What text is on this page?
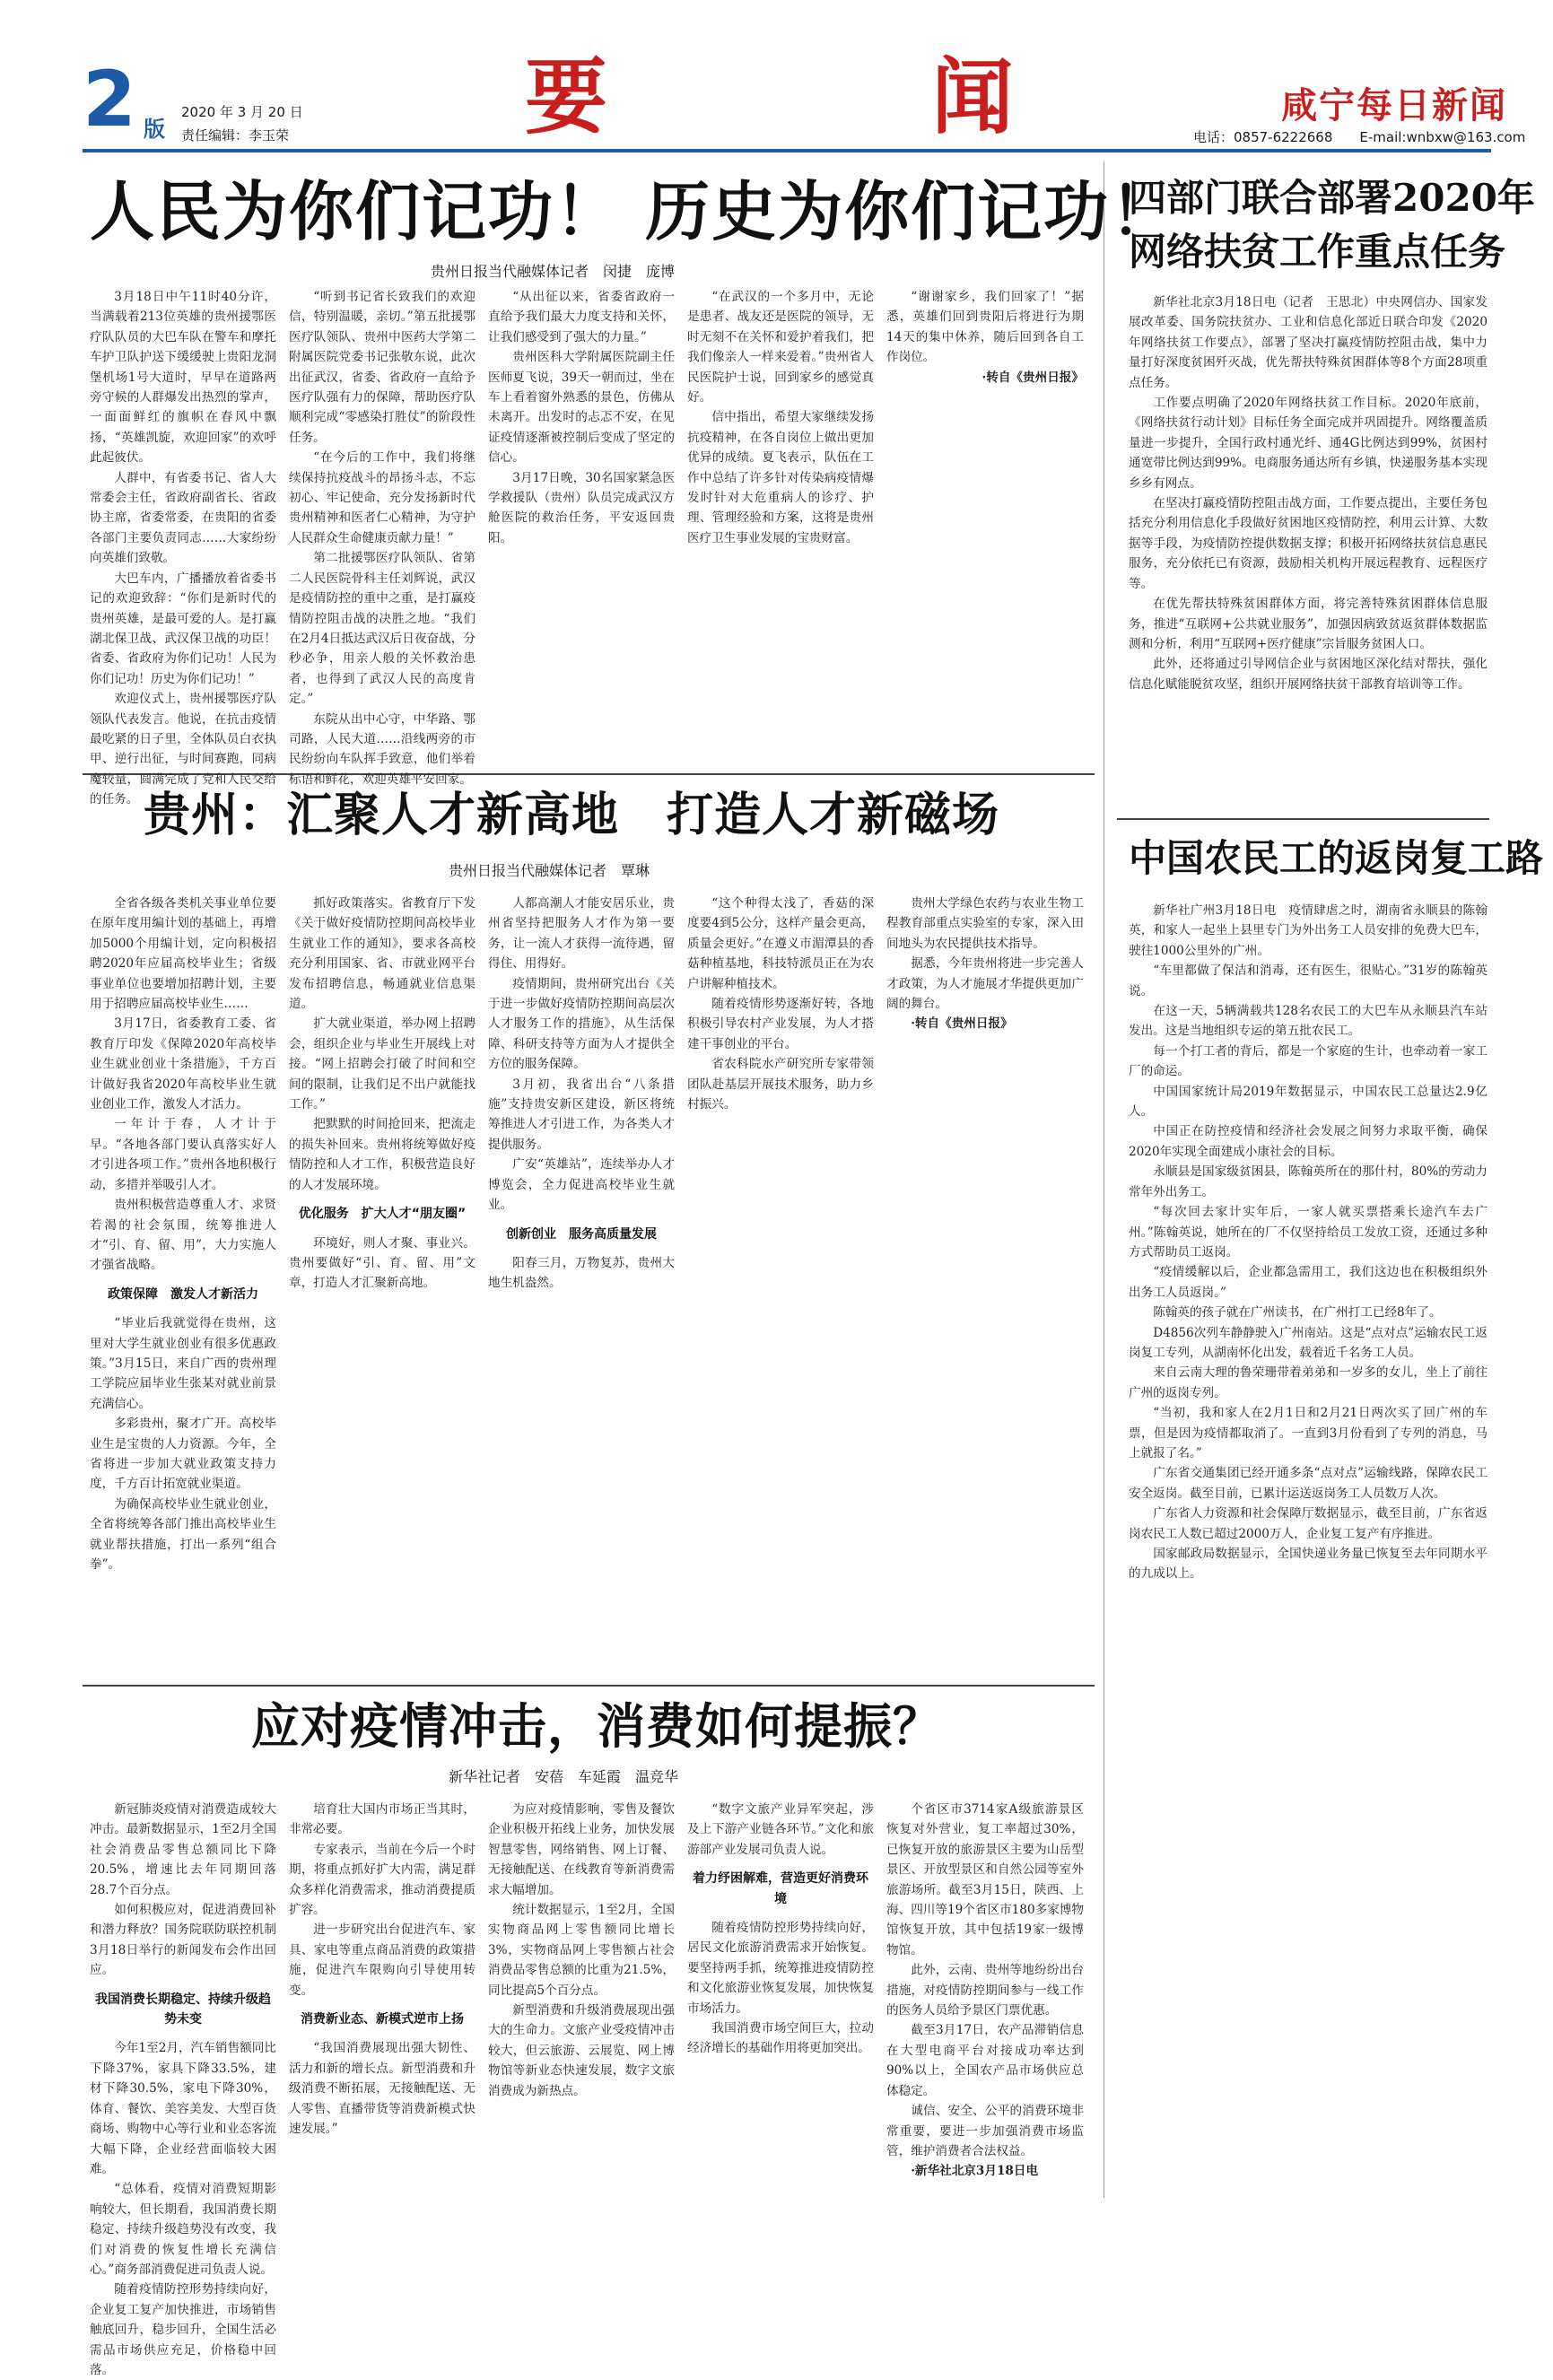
2 版
2020 年 3 月 20 日
责任编辑：李玉荣	要	闻	咸宁每日新闻
电话：0857-6222668　　E-mail:wnbxw@163.com
人民为你们记功！ 历史为你们记功！
贵州日报当代融媒体记者　闵捷　庞博

3月18日中午11时40分许，当满载着213位英雄的贵州援鄂医疗队队员的大巴车队在警车和摩托车护卫队护送下缓缓驶上贵阳龙洞堡机场1号大道时，早早在道路两旁守候的人群爆发出热烈的掌声，一面面鲜红的旗帜在春风中飘扬，“英雄凯旋，欢迎回家”的欢呼此起彼伏。

人群中，有省委书记、省人大常委会主任，省政府副省长、省政协主席，省委常委，在贵阳的省委各部门主要负责同志……大家纷纷向英雄们致敬。

大巴车内，广播播放着省委书记的欢迎致辞：“你们是新时代的贵州英雄，是最可爱的人。是打赢湖北保卫战、武汉保卫战的功臣！省委、省政府为你们记功！人民为你们记功！历史为你们记功！”

欢迎仪式上，贵州援鄂医疗队领队代表发言。他说，在抗击疫情最吃紧的日子里，全体队员白衣执甲、逆行出征，与时间赛跑，同病魔较量，圆满完成了党和人民交给的任务。

“听到书记省长致我们的欢迎信，特别温暖，亲切。”第五批援鄂医疗队领队、贵州中医药大学第二附属医院党委书记张敬东说，此次出征武汉，省委、省政府一直给予医疗队强有力的保障，帮助医疗队顺利完成“零感染打胜仗”的阶段性任务。

“在今后的工作中，我们将继续保持抗疫战斗的昂扬斗志，不忘初心、牢记使命，充分发扬新时代贵州精神和医者仁心精神，为守护人民群众生命健康贡献力量！”

第二批援鄂医疗队领队、省第二人民医院骨科主任刘辉说，武汉是疫情防控的重中之重，是打赢疫情防控阻击战的决胜之地。“我们在2月4日抵达武汉后日夜奋战，分秒必争，用亲人般的关怀救治患者，也得到了武汉人民的高度肯定。”

东院从出中心守，中华路、鄂司路，人民大道……沿线两旁的市民纷纷向车队挥手致意，他们举着标语和鲜花，欢迎英雄平安回家。

“从出征以来，省委省政府一直给予我们最大力度支持和关怀，让我们感受到了强大的力量。”

贵州医科大学附属医院副主任医师夏飞说，39天一朝而过，坐在车上看着窗外熟悉的景色，仿佛从未离开。出发时的忐忑不安，在见证疫情逐渐被控制后变成了坚定的信心。

3月17日晚，30名国家紧急医学救援队（贵州）队员完成武汉方舱医院的救治任务，平安返回贵阳。

“在武汉的一个多月中，无论是患者、战友还是医院的领导，无时无刻不在关怀和爱护着我们，把我们像亲人一样来爱着。”贵州省人民医院护士说，回到家乡的感觉真好。

信中指出，希望大家继续发扬抗疫精神，在各自岗位上做出更加优异的成绩。夏飞表示，队伍在工作中总结了许多针对传染病疫情爆发时针对大危重病人的诊疗、护理、管理经验和方案，这将是贵州医疗卫生事业发展的宝贵财富。

“谢谢家乡，我们回家了！”据悉，英雄们回到贵阳后将进行为期14天的集中休养，随后回到各自工作岗位。

·转自《贵州日报》

贵州：汇聚人才新高地　打造人才新磁场
贵州日报当代融媒体记者　覃琳

全省各级各类机关事业单位要在原年度用编计划的基础上，再增加5000个用编计划，定向积极招聘2020年应届高校毕业生；省级事业单位也要增加招聘计划，主要用于招聘应届高校毕业生……

3月17日，省委教育工委、省教育厅印发《保障2020年高校毕业生就业创业十条措施》，千方百计做好我省2020年高校毕业生就业创业工作，激发人才活力。

一年计于春，人才计于早。“各地各部门要认真落实好人才引进各项工作。”贵州各地积极行动，多措并举吸引人才。

贵州积极营造尊重人才、求贤若渴的社会氛围，统筹推进人才“引、育、留、用”，大力实施人才强省战略。

政策保障　激发人才新活力

“毕业后我就觉得在贵州，这里对大学生就业创业有很多优惠政策。”3月15日，来自广西的贵州理工学院应届毕业生张某对就业前景充满信心。

多彩贵州，聚才广开。高校毕业生是宝贵的人力资源。今年，全省将进一步加大就业政策支持力度，千方百计拓宽就业渠道。

为确保高校毕业生就业创业，全省将统筹各部门推出高校毕业生就业帮扶措施，打出一系列“组合拳”。

抓好政策落实。省教育厅下发《关于做好疫情防控期间高校毕业生就业工作的通知》，要求各高校充分利用国家、省、市就业网平台发布招聘信息，畅通就业信息渠道。

扩大就业渠道，举办网上招聘会，组织企业与毕业生开展线上对接。“网上招聘会打破了时间和空间的限制，让我们足不出户就能找工作。”

把默默的时间抢回来，把流走的损失补回来。贵州将统筹做好疫情防控和人才工作，积极营造良好的人才发展环境。

优化服务　扩大人才“朋友圈”

环境好，则人才聚、事业兴。贵州要做好“引、育、留、用”文章，打造人才汇聚新高地。

人都高潮人才能安居乐业，贵州省坚持把服务人才作为第一要务，让一流人才获得一流待遇，留得住、用得好。

疫情期间，贵州研究出台《关于进一步做好疫情防控期间高层次人才服务工作的措施》，从生活保障、科研支持等方面为人才提供全方位的服务保障。

3月初，我省出台“八条措施”支持贵安新区建设，新区将统筹推进人才引进工作，为各类人才提供服务。

广安“英雄站”，连续举办人才博览会，全力促进高校毕业生就业。

创新创业　服务高质量发展

阳春三月，万物复苏，贵州大地生机盎然。

“这个种得太浅了，香菇的深度要4到5公分，这样产量会更高，质量会更好。”在遵义市湄潭县的香菇种植基地，科技特派员正在为农户讲解种植技术。

随着疫情形势逐渐好转，各地积极引导农村产业发展，为人才搭建干事创业的平台。

省农科院水产研究所专家带领团队赴基层开展技术服务，助力乡村振兴。

贵州大学绿色农药与农业生物工程教育部重点实验室的专家，深入田间地头为农民提供技术指导。

据悉，今年贵州将进一步完善人才政策，为人才施展才华提供更加广阔的舞台。

·转自《贵州日报》

应对疫情冲击，消费如何提振？
新华社记者　安蓓　车延霞　温竞华

新冠肺炎疫情对消费造成较大冲击。最新数据显示，1至2月全国社会消费品零售总额同比下降20.5%，增速比去年同期回落28.7个百分点。

如何积极应对，促进消费回补和潜力释放？国务院联防联控机制3月18日举行的新闻发布会作出回应。

我国消费长期稳定、持续升级趋势未变

今年1至2月，汽车销售额同比下降37%，家具下降33.5%，建材下降30.5%，家电下降30%，体育、餐饮、美容美发、大型百货商场、购物中心等行业和业态客流大幅下降，企业经营面临较大困难。

“总体看，疫情对消费短期影响较大，但长期看，我国消费长期稳定、持续升级趋势没有改变，我们对消费的恢复性增长充满信心。”商务部消费促进司负责人说。

随着疫情防控形势持续向好，企业复工复产加快推进，市场销售触底回升，稳步回升，全国生活必需品市场供应充足，价格稳中回落。

培育壮大国内市场正当其时，非常必要。

专家表示，当前在今后一个时期，将重点抓好扩大内需，满足群众多样化消费需求，推动消费提质扩容。

进一步研究出台促进汽车、家具、家电等重点商品消费的政策措施，促进汽车限购向引导使用转变。

消费新业态、新模式逆市上扬

“我国消费展现出强大韧性、活力和新的增长点。新型消费和升级消费不断拓展，无接触配送、无人零售、直播带货等消费新模式快速发展。”

为应对疫情影响，零售及餐饮企业积极开拓线上业务，加快发展智慧零售，网络销售、网上订餐、无接触配送、在线教育等新消费需求大幅增加。

统计数据显示，1至2月，全国实物商品网上零售额同比增长3%，实物商品网上零售额占社会消费品零售总额的比重为21.5%，同比提高5个百分点。

新型消费和升级消费展现出强大的生命力。文旅产业受疫情冲击较大，但云旅游、云展览、网上博物馆等新业态快速发展，数字文旅消费成为新热点。

“数字文旅产业异军突起，涉及上下游产业链各环节。”文化和旅游部产业发展司负责人说。

着力纾困解难，营造更好消费环境

随着疫情防控形势持续向好，居民文化旅游消费需求开始恢复。要坚持两手抓，统筹推进疫情防控和文化旅游业恢复发展，加快恢复市场活力。

我国消费市场空间巨大，拉动经济增长的基础作用将更加突出。

个省区市3714家A级旅游景区恢复对外营业，复工率超过30%，已恢复开放的旅游景区主要为山岳型景区、开放型景区和自然公园等室外旅游场所。截至3月15日，陕西、上海、四川等19个省区市180多家博物馆恢复开放，其中包括19家一级博物馆。

此外，云南、贵州等地纷纷出台措施，对疫情防控期间参与一线工作的医务人员给予景区门票优惠。

截至3月17日，农产品滞销信息在大型电商平台对接成功率达到90%以上，全国农产品市场供应总体稳定。

诚信、安全、公平的消费环境非常重要，要进一步加强消费市场监管，维护消费者合法权益。

·新华社北京3月18日电

四部门联合部署2020年
网络扶贫工作重点任务

新华社北京3月18日电（记者　王思北）中央网信办、国家发展改革委、国务院扶贫办、工业和信息化部近日联合印发《2020年网络扶贫工作要点》，部署了坚决打赢疫情防控阻击战，集中力量打好深度贫困歼灭战，优先帮扶特殊贫困群体等8个方面28项重点任务。

工作要点明确了2020年网络扶贫工作目标。2020年底前，《网络扶贫行动计划》目标任务全面完成并巩固提升。网络覆盖质量进一步提升，全国行政村通光纤、通4G比例达到99%，贫困村通宽带比例达到99%。电商服务通达所有乡镇，快递服务基本实现乡乡有网点。

在坚决打赢疫情防控阻击战方面，工作要点提出，主要任务包括充分利用信息化手段做好贫困地区疫情防控，利用云计算、大数据等手段，为疫情防控提供数据支撑；积极开拓网络扶贫信息惠民服务，充分依托已有资源，鼓励相关机构开展远程教育、远程医疗等。

在优先帮扶特殊贫困群体方面，将完善特殊贫困群体信息服务，推进“互联网+公共就业服务”，加强因病致贫返贫群体数据监测和分析，利用“互联网+医疗健康”宗旨服务贫困人口。

此外，还将通过引导网信企业与贫困地区深化结对帮扶，强化信息化赋能脱贫攻坚，组织开展网络扶贫干部教育培训等工作。

中国农民工的返岗复工路

新华社广州3月18日电　疫情肆虐之时，湖南省永顺县的陈翰英，和家人一起坐上县里专门为外出务工人员安排的免费大巴车，驶往1000公里外的广州。

“车里都做了保洁和消毒，还有医生，很贴心。”31岁的陈翰英说。

在这一天，5辆满载共128名农民工的大巴车从永顺县汽车站发出。这是当地组织专运的第五批农民工。

每一个打工者的背后，都是一个家庭的生计，也牵动着一家工厂的命运。

中国国家统计局2019年数据显示，中国农民工总量达2.9亿人。

中国正在防控疫情和经济社会发展之间努力求取平衡，确保2020年实现全面建成小康社会的目标。

永顺县是国家级贫困县，陈翰英所在的那什村，80%的劳动力常年外出务工。

“每次回去家计实年后，一家人就买票搭乘长途汽车去广州。”陈翰英说，她所在的厂不仅坚持给员工发放工资，还通过多种方式帮助员工返岗。

“疫情缓解以后，企业都急需用工，我们这边也在积极组织外出务工人员返岗。”

陈翰英的孩子就在广州读书，在广州打工已经8年了。

D4856次列车静静驶入广州南站。这是“点对点”运输农民工返岗复工专列，从湖南怀化出发，载着近千名务工人员。

来自云南大理的鲁荣珊带着弟弟和一岁多的女儿，坐上了前往广州的返岗专列。

“当初，我和家人在2月1日和2月21日两次买了回广州的车票，但是因为疫情都取消了。一直到3月份看到了专列的消息，马上就报了名。”

广东省交通集团已经开通多条“点对点”运输线路，保障农民工安全返岗。截至目前，已累计运送返岗务工人员数万人次。

广东省人力资源和社会保障厅数据显示，截至目前，广东省返岗农民工人数已超过2000万人，企业复工复产有序推进。

国家邮政局数据显示，全国快递业务量已恢复至去年同期水平的九成以上。
